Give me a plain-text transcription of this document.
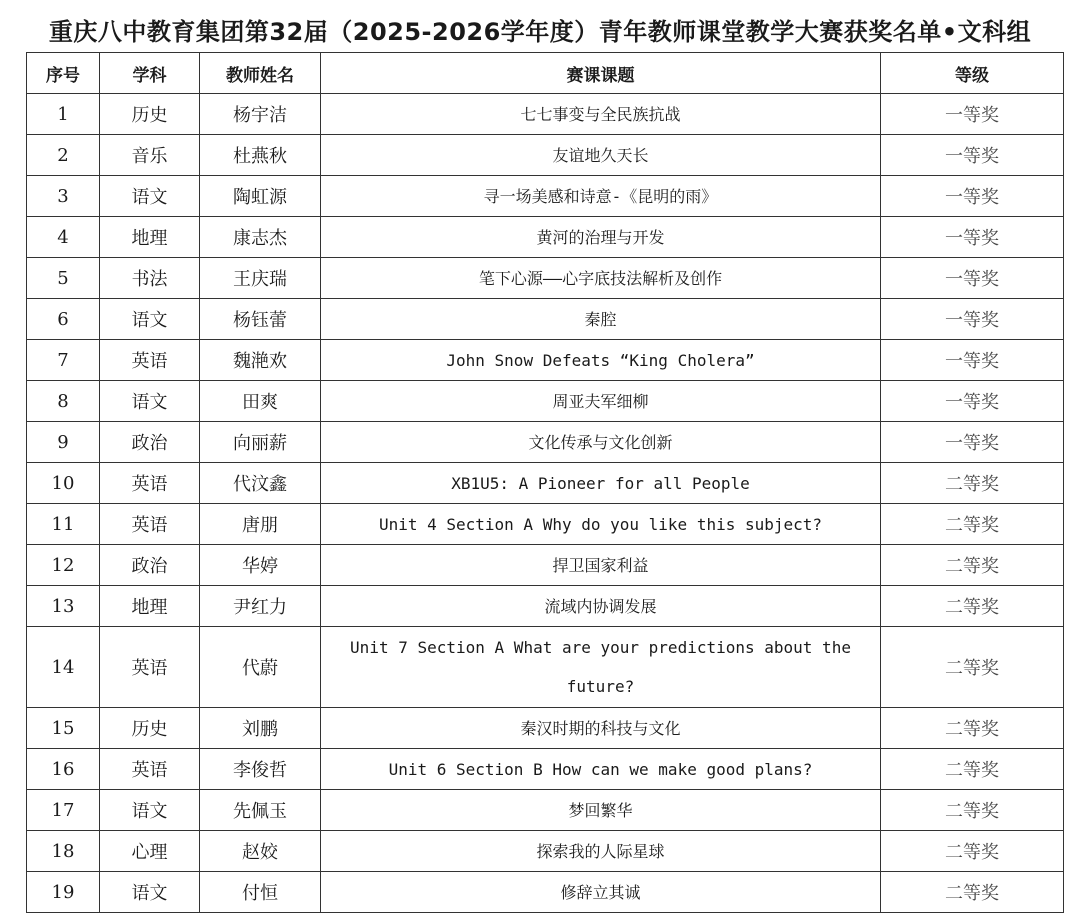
重庆八中教育集团第32届（2025-2026学年度）青年教师课堂教学大赛获奖名单•文科组
序号	学科	教师姓名	赛课课题	等级
1	历史	杨宇洁	七七事变与全民族抗战	一等奖
2	音乐	杜燕秋	友谊地久天长	一等奖
3	语文	陶虹源	寻一场美感和诗意-《昆明的雨》	一等奖
4	地理	康志杰	黄河的治理与开发	一等奖
5	书法	王庆瑞	笔下心源——心字底技法解析及创作	一等奖
6	语文	杨钰蕾	秦腔	一等奖
7	英语	魏滟欢	John Snow Defeats “King Cholera”	一等奖
8	语文	田爽	周亚夫军细柳	一等奖
9	政治	向丽薪	文化传承与文化创新	一等奖
10	英语	代汶鑫	XB1U5: A Pioneer for all People	二等奖
11	英语	唐朋	Unit 4 Section A Why do you like this subject?	二等奖
12	政治	华婷	捍卫国家利益	二等奖
13	地理	尹红力	流域内协调发展	二等奖
14	英语	代蔚	Unit 7 Section A What are your predictions about the future?	二等奖
15	历史	刘鹏	秦汉时期的科技与文化	二等奖
16	英语	李俊哲	Unit 6 Section B How can we make good plans?	二等奖
17	语文	先佩玉	梦回繁华	二等奖
18	心理	赵姣	探索我的人际星球	二等奖
19	语文	付恒	修辞立其诚	二等奖
